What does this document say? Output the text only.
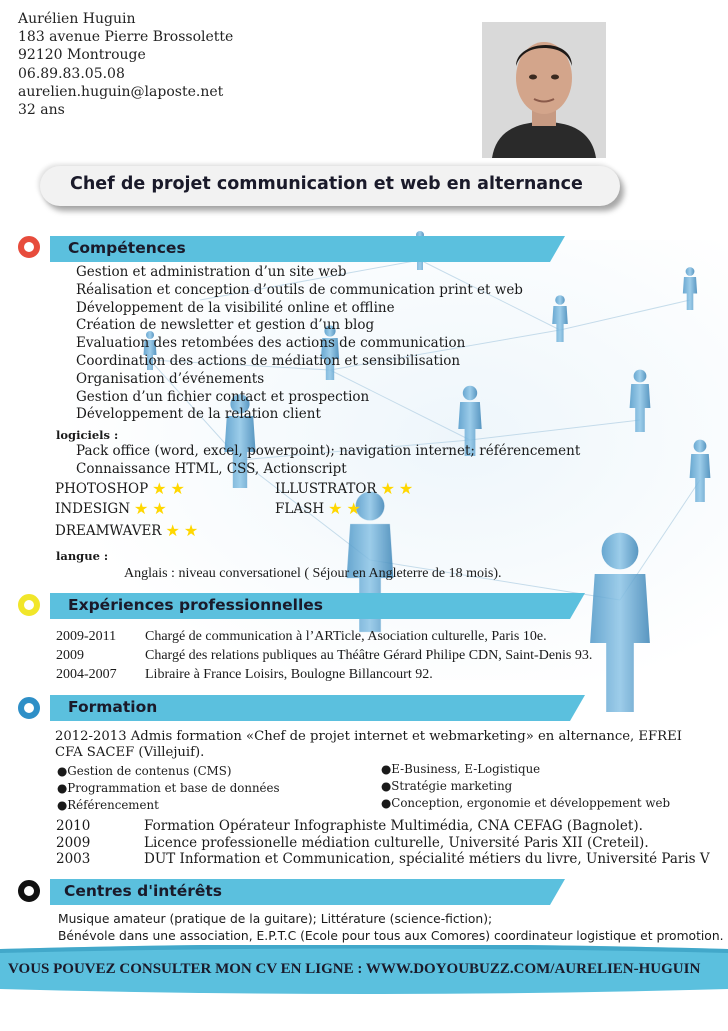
Aurélien Huguin
183 avenue Pierre Brossolette
92120 Montrouge
06.89.83.05.08
aurelien.huguin@laposte.net
32 ans
Chef de projet communication et web en alternance
Compétences
Gestion et administration d’un site web
Réalisation et conception d’outils de communication print et web
Développement de la visibilité online et offline
Création de newsletter et gestion d’un blog
Evaluation des retombées des actions de communication
Coordination des actions de médiation et sensibilisation
Organisation d’événements
Gestion d’un fichier contact et prospection
Développement de la relation client
logiciels :
Pack office (word, excel, powerpoint); navigation internet; référencement
Connaissance HTML, CSS, Actionscript
PHOTOSHOP ★ ★	ILLUSTRATOR ★ ★
INDESIGN ★ ★	FLASH ★ ★
DREAMWAVER ★ ★
langue :
Anglais : niveau conversationel ( Séjour en Angleterre de 18 mois).
Expériences professionnelles
2009-2011
2009
2004-2007
Chargé de communication à l’ARTicle, Asociation culturelle, Paris 10e.
Chargé des relations publiques au Théâtre Gérard Philipe CDN, Saint-Denis 93.
Libraire à France Loisirs, Boulogne Billancourt 92.
Formation
2012-2013 Admis formation «Chef de projet internet et webmarketing» en alternance, EFREI
CFA SACEF (Villejuif).
●Gestion de contenus (CMS)
●Programmation et base de données
●Référencement
●E-Business, E-Logistique
●Stratégie marketing
●Conception, ergonomie et développement web
2010
2009
2003
Formation Opérateur Infographiste Multimédia, CNA CEFAG (Bagnolet).
Licence professionelle médiation culturelle, Université Paris XII (Creteil).
DUT Information et Communication, spécialité métiers du livre, Université Paris V
Centres d'intérêts
Musique amateur (pratique de la guitare); Littérature (science-fiction);
Bénévole dans une association, E.P.T.C (Ecole pour tous aux Comores) coordinateur logistique et promotion.
VOUS POUVEZ CONSULTER MON CV EN LIGNE : WWW.DOYOUBUZZ.COM/AURELIEN-HUGUIN
